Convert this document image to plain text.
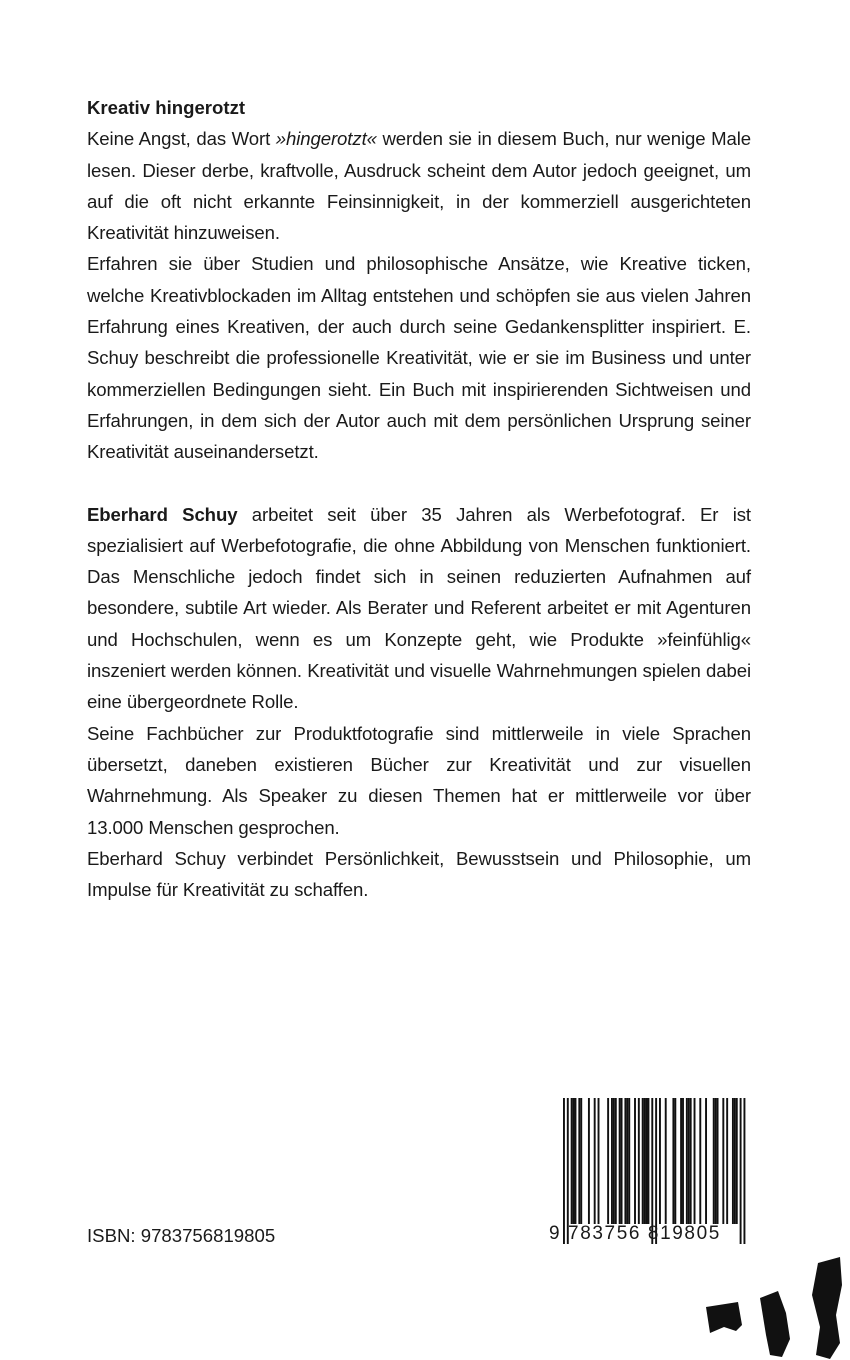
Kreativ hingerotzt

Keine Angst, das Wort »hingerotzt« werden sie in diesem Buch, nur wenige Male lesen. Dieser derbe, kraftvolle, Ausdruck scheint dem Autor jedoch geeignet, um auf die oft nicht erkannte Feinsinnigkeit, in der kommerziell ausgerichteten Kreativität hinzuweisen.

Erfahren sie über Studien und philosophische Ansätze, wie Kreative ticken, welche Kreativblockaden im Alltag entstehen und schöpfen sie aus vielen Jahren Erfahrung eines Kreativen, der auch durch seine Gedankensplitter inspiriert. E. Schuy beschreibt die professionelle Kreativität, wie er sie im Business und unter kommerziellen Bedingungen sieht. Ein Buch mit inspirierenden Sichtweisen und Erfahrungen, in dem sich der Autor auch mit dem persönlichen Ursprung seiner Kreativität auseinandersetzt.

Eberhard Schuy arbeitet seit über 35 Jahren als Werbefotograf. Er ist spezialisiert auf Werbefotografie, die ohne Abbildung von Menschen funktioniert. Das Menschliche jedoch findet sich in seinen reduzierten Aufnahmen auf besondere, subtile Art wieder. Als Berater und Referent arbeitet er mit Agenturen und Hochschulen, wenn es um Konzepte geht, wie Produkte »feinfühlig« inszeniert werden können. Kreativität und visuelle Wahrnehmungen spielen dabei eine übergeordnete Rolle.

Seine Fachbücher zur Produktfotografie sind mittlerweile in viele Sprachen übersetzt, daneben existieren Bücher zur Kreativität und zur visuellen Wahrnehmung. Als Speaker zu diesen Themen hat er mittlerweile vor über 13.000 Menschen gesprochen.

Eberhard Schuy verbindet Persönlichkeit, Bewusstsein und Philosophie, um Impulse für Kreativität zu schaffen.

ISBN: 9783756819805	9 783756 819805
